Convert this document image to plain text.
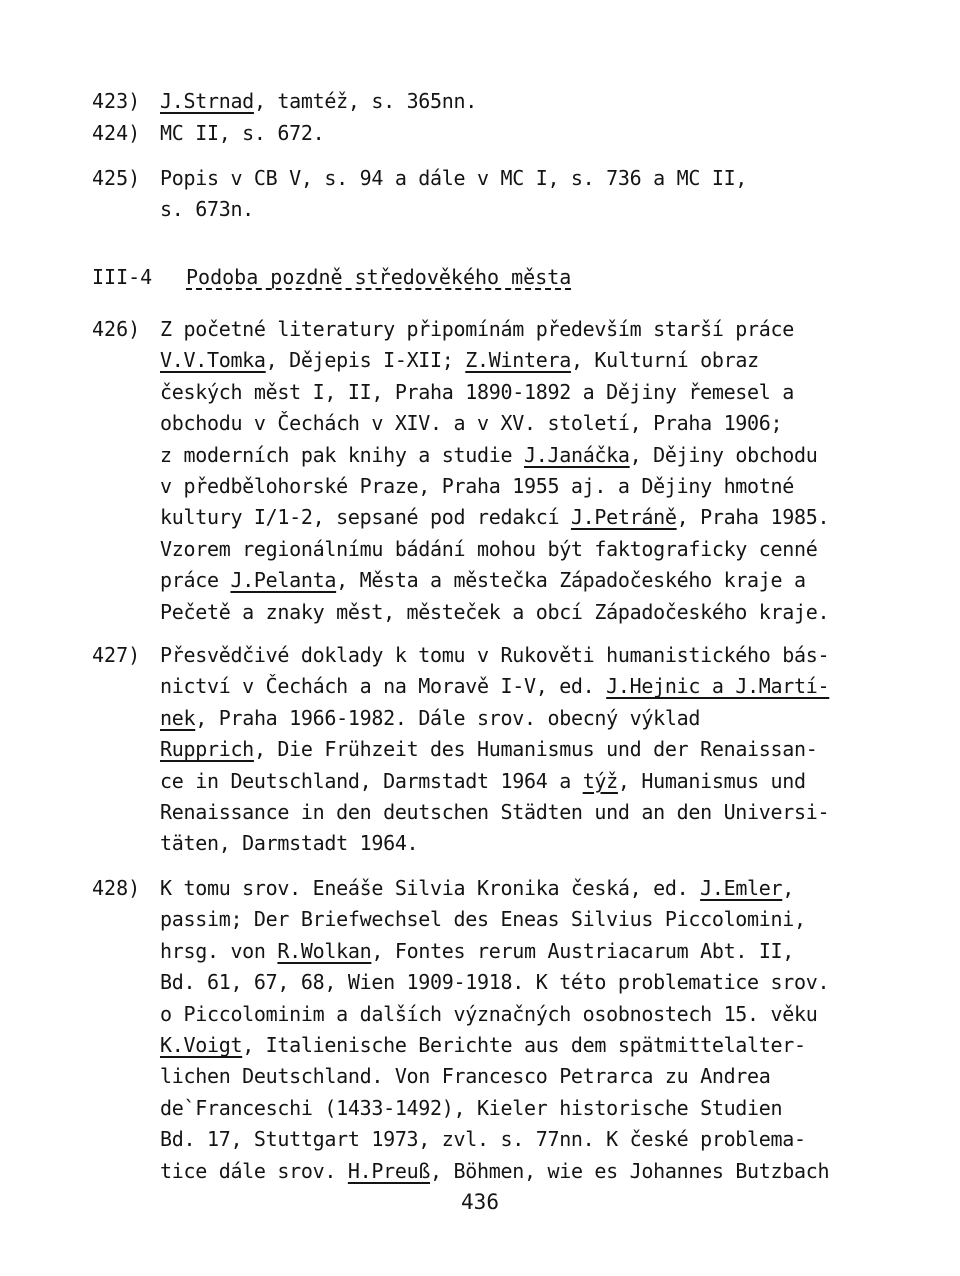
423) J.Strnad, tamtéž, s. 365nn.
424) MC II, s. 672.
425) Popis v CB V, s. 94 a dále v MC I, s. 736 a MC II,
s. 673n.
III-4 Podoba pozdně středověkého města
426) Z početné literatury připomínám především starší práce
V.V.Tomka, Dějepis I-XII; Z.Wintera, Kulturní obraz
českých měst I, II, Praha 1890-1892 a Dějiny řemesel a
obchodu v Čechách v XIV. a v XV. století, Praha 1906;
z moderních pak knihy a studie J.Janáčka, Dějiny obchodu
v předbělohorské Praze, Praha 1955 aj. a Dějiny hmotné
kultury I/1-2, sepsané pod redakcí J.Petráně, Praha 1985.
Vzorem regionálnímu bádání mohou být faktograficky cenné
práce J.Pelanta, Města a městečka Západočeského kraje a
Pečetě a znaky měst, městeček a obcí Západočeského kraje.
427) Přesvědčivé doklady k tomu v Rukověti humanistického bás-
nictví v Čechách a na Moravě I-V, ed. J.Hejnic a J.Martí-
nek, Praha 1966-1982. Dále srov. obecný výklad
Rupprich, Die Frühzeit des Humanismus und der Renaissan-
ce in Deutschland, Darmstadt 1964 a týž, Humanismus und
Renaissance in den deutschen Städten und an den Universi-
täten, Darmstadt 1964.
428) K tomu srov. Eneáše Silvia Kronika česká, ed. J.Emler,
passim; Der Briefwechsel des Eneas Silvius Piccolomini,
hrsg. von R.Wolkan, Fontes rerum Austriacarum Abt. II,
Bd. 61, 67, 68, Wien 1909-1918. K této problematice srov.
o Piccolominim a dalších význačných osobnostech 15. věku
K.Voigt, Italienische Berichte aus dem spätmittelalter-
lichen Deutschland. Von Francesco Petrarca zu Andrea
de`Franceschi (1433-1492), Kieler historische Studien
Bd. 17, Stuttgart 1973, zvl. s. 77nn. K české problema-
tice dále srov. H.Preuß, Böhmen, wie es Johannes Butzbach
436
